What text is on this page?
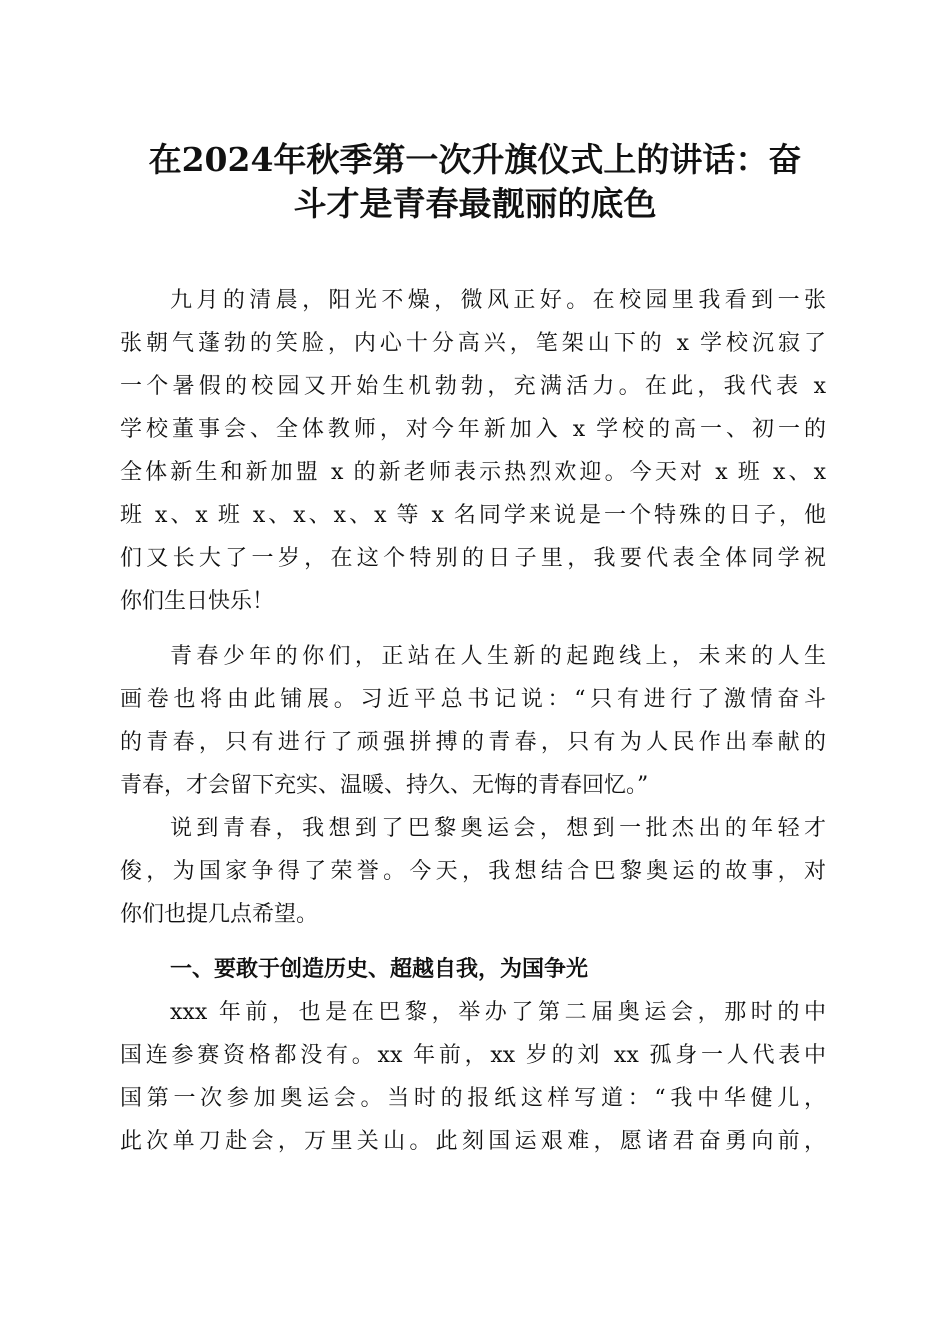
在2024年秋季第一次升旗仪式上的讲话：奋
斗才是青春最靓丽的底色
九月的清晨，阳光不燥，微风正好。在校园里我看到一张
张朝气蓬勃的笑脸，内心十分高兴，笔架山下的 x 学校沉寂了
一个暑假的校园又开始生机勃勃，充满活力。在此，我代表 x
学校董事会、全体教师，对今年新加入 x 学校的高一、初一的
全体新生和新加盟 x 的新老师表示热烈欢迎。今天对 x 班 x、x
班 x、x 班 x、x、x、x 等 x 名同学来说是一个特殊的日子，他
们又长大了一岁，在这个特别的日子里，我要代表全体同学祝
你们生日快乐！
青春少年的你们，正站在人生新的起跑线上，未来的人生
画卷也将由此铺展。习近平总书记说：“只有进行了激情奋斗
的青春，只有进行了顽强拼搏的青春，只有为人民作出奉献的
青春，才会留下充实、温暖、持久、无悔的青春回忆。”
说到青春，我想到了巴黎奥运会，想到一批杰出的年轻才
俊，为国家争得了荣誉。今天，我想结合巴黎奥运的故事，对
你们也提几点希望。
一、要敢于创造历史、超越自我，为国争光
xxx 年前，也是在巴黎，举办了第二届奥运会，那时的中
国连参赛资格都没有。xx 年前，xx 岁的刘 xx 孤身一人代表中
国第一次参加奥运会。当时的报纸这样写道：“我中华健儿，
此次单刀赴会，万里关山。此刻国运艰难，愿诸君奋勇向前，
